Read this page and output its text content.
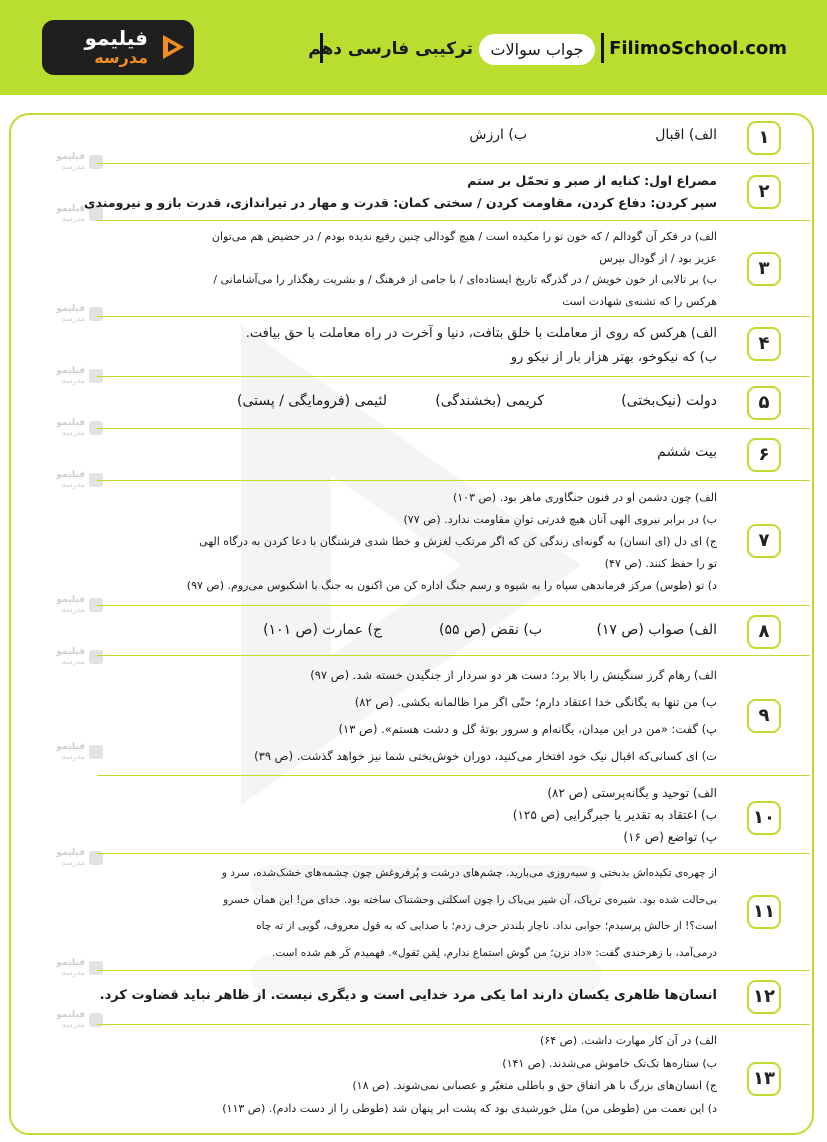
فیلیمو
مدرسه	ترکیبی فارسی دهم	جواب سوالات	FilimoSchool.com
فیلیمو
مدرسه
فیلیمو
مدرسه
فیلیمو
مدرسه
فیلیمو
مدرسه
فیلیمو
مدرسه
فیلیمو
مدرسه
فیلیمو
مدرسه
فیلیمو
مدرسه
فیلیمو
مدرسه
فیلیمو
مدرسه
فیلیمو
مدرسه
فیلیمو
مدرسه
۱
الف) اقبال
ب) ارزش
۲
مصراع اول: کنایه از صبر و تحمّل بر ستم
سپر کردن: دفاع کردن، مقاومت کردن / سختی کمان: قدرت و مهار در تیراندازی، قدرت بازو و نیرومندی
۳
الف) در فکر آن گودالم / که خون تو را مکیده است / هیچ گودالی چنین رفیع ندیده بودم / در حضیض هم می‌توان
عزیز بود / از گودال بپرس
ب) بر تالابی از خون خویش / در گذرگه تاریخ ایستاده‌ای / با جامی از فرهنگ / و بشریت رهگذار را می‌آشامانی /
هرکس را که تشنه‌ی شهادت است
۴
الف) هرکس که روی از معاملت با خلق بتافت، دنیا و آخرت در راه معاملت با حق بیافت.
ب) که نیکوخو، بهتر هزار بار از نیکو رو
۵
دولت (نیک‌بختی)
کریمی (بخشندگی)
لئیمی (فرومایگی / پستی)
۶
بیت ششم
۷
الف) چون دشمن او در فنون جنگاوری ماهر بود. (ص ۱۰۳)
ب) در برابر نیروی الهی آنان هیچ قدرتی توانِ مقاومت ندارد. (ص ۷۷)
ج) ای دل (ای انسان) به گونه‌ای زندگی کن که اگر مرتکب لغزش و خطا شدی فرشتگان با دعا کردن به درگاه الهی
تو را حفظ کنند. (ص ۴۷)
د) تو (طوس) مرکز فرماندهی سپاه را به شیوه و رسم جنگ اداره کن من اکنون به جنگ با اشکبوس می‌روم. (ص ۹۷)
۸
الف) صواب (ص ۱۷)
ب) نقض (ص ۵۵)
ج) عمارت (ص ۱۰۱)
۹
الف) رهام گرز سنگینش را بالا برد؛ دست هر دو سردار از جنگیدن خسته شد. (ص ۹۷)
ب) من تنها به یگانگی خدا اعتقاد دارم؛ حتّی اگر مرا ظالمانه بکشی. (ص ۸۲)
پ) گفت: «من در این میدان، یگانه‌ام و سرور بوتهٔ گل و دشت هستم». (ص ۱۳)
ت) ای کسانی‌که اقبال نیک خود افتخار می‌کنید، دوران خوش‌بختی شما نیز خواهد گذشت. (ص ۳۹)
۱۰
الف) توحید و یگانه‌پرستی (ص ۸۲)
ب) اعتقاد به تقدیر یا جبرگرایی (ص ۱۲۵)
پ) تواضع (ص ۱۶)
۱۱
از چهره‌ی تکیده‌اش بدبختی و سیه‌روزی می‌بارید. چشم‌های درشت و پُرفروغش چون چشمه‌های خشک‌شده، سرد و
بی‌حالت شده بود. شیره‌ی تریاک، آن شیر بی‌باک را چون اسکلتی وحشتناک ساخته بود. خدای من! این همان خسرو
است؟! از حالش پرسیدم؛ جوابی نداد. ناچار بلندتر حرف زدم؛ با صدایی که به قول معروف، گویی از ته چاه
درمی‌آمد، با زهرخندی گفت: «داد نزن؛ من گوش استماع ندارم، لِمَن تَقول». فهمیدم کَر هم شده است.
۱۲
انسان‌ها ظاهری یکسان دارند اما یکی مرد خدایی است و دیگری نیست. از ظاهر نباید قضاوت کرد.
۱۳
الف) در آن کار مهارت داشت. (ص ۶۴)
ب) ستاره‌ها تک‌تک خاموش می‌شدند. (ص ۱۴۱)
ج) انسان‌های بزرگ با هر اتفاق حق و باطلی متغیّر و عصبانی نمی‌شوند. (ص ۱۸)
د) این نعمت من (طوطی من) مثل خورشیدی بود که پشت ابر پنهان شد (طوطی را از دست دادم). (ص ۱۱۳)
